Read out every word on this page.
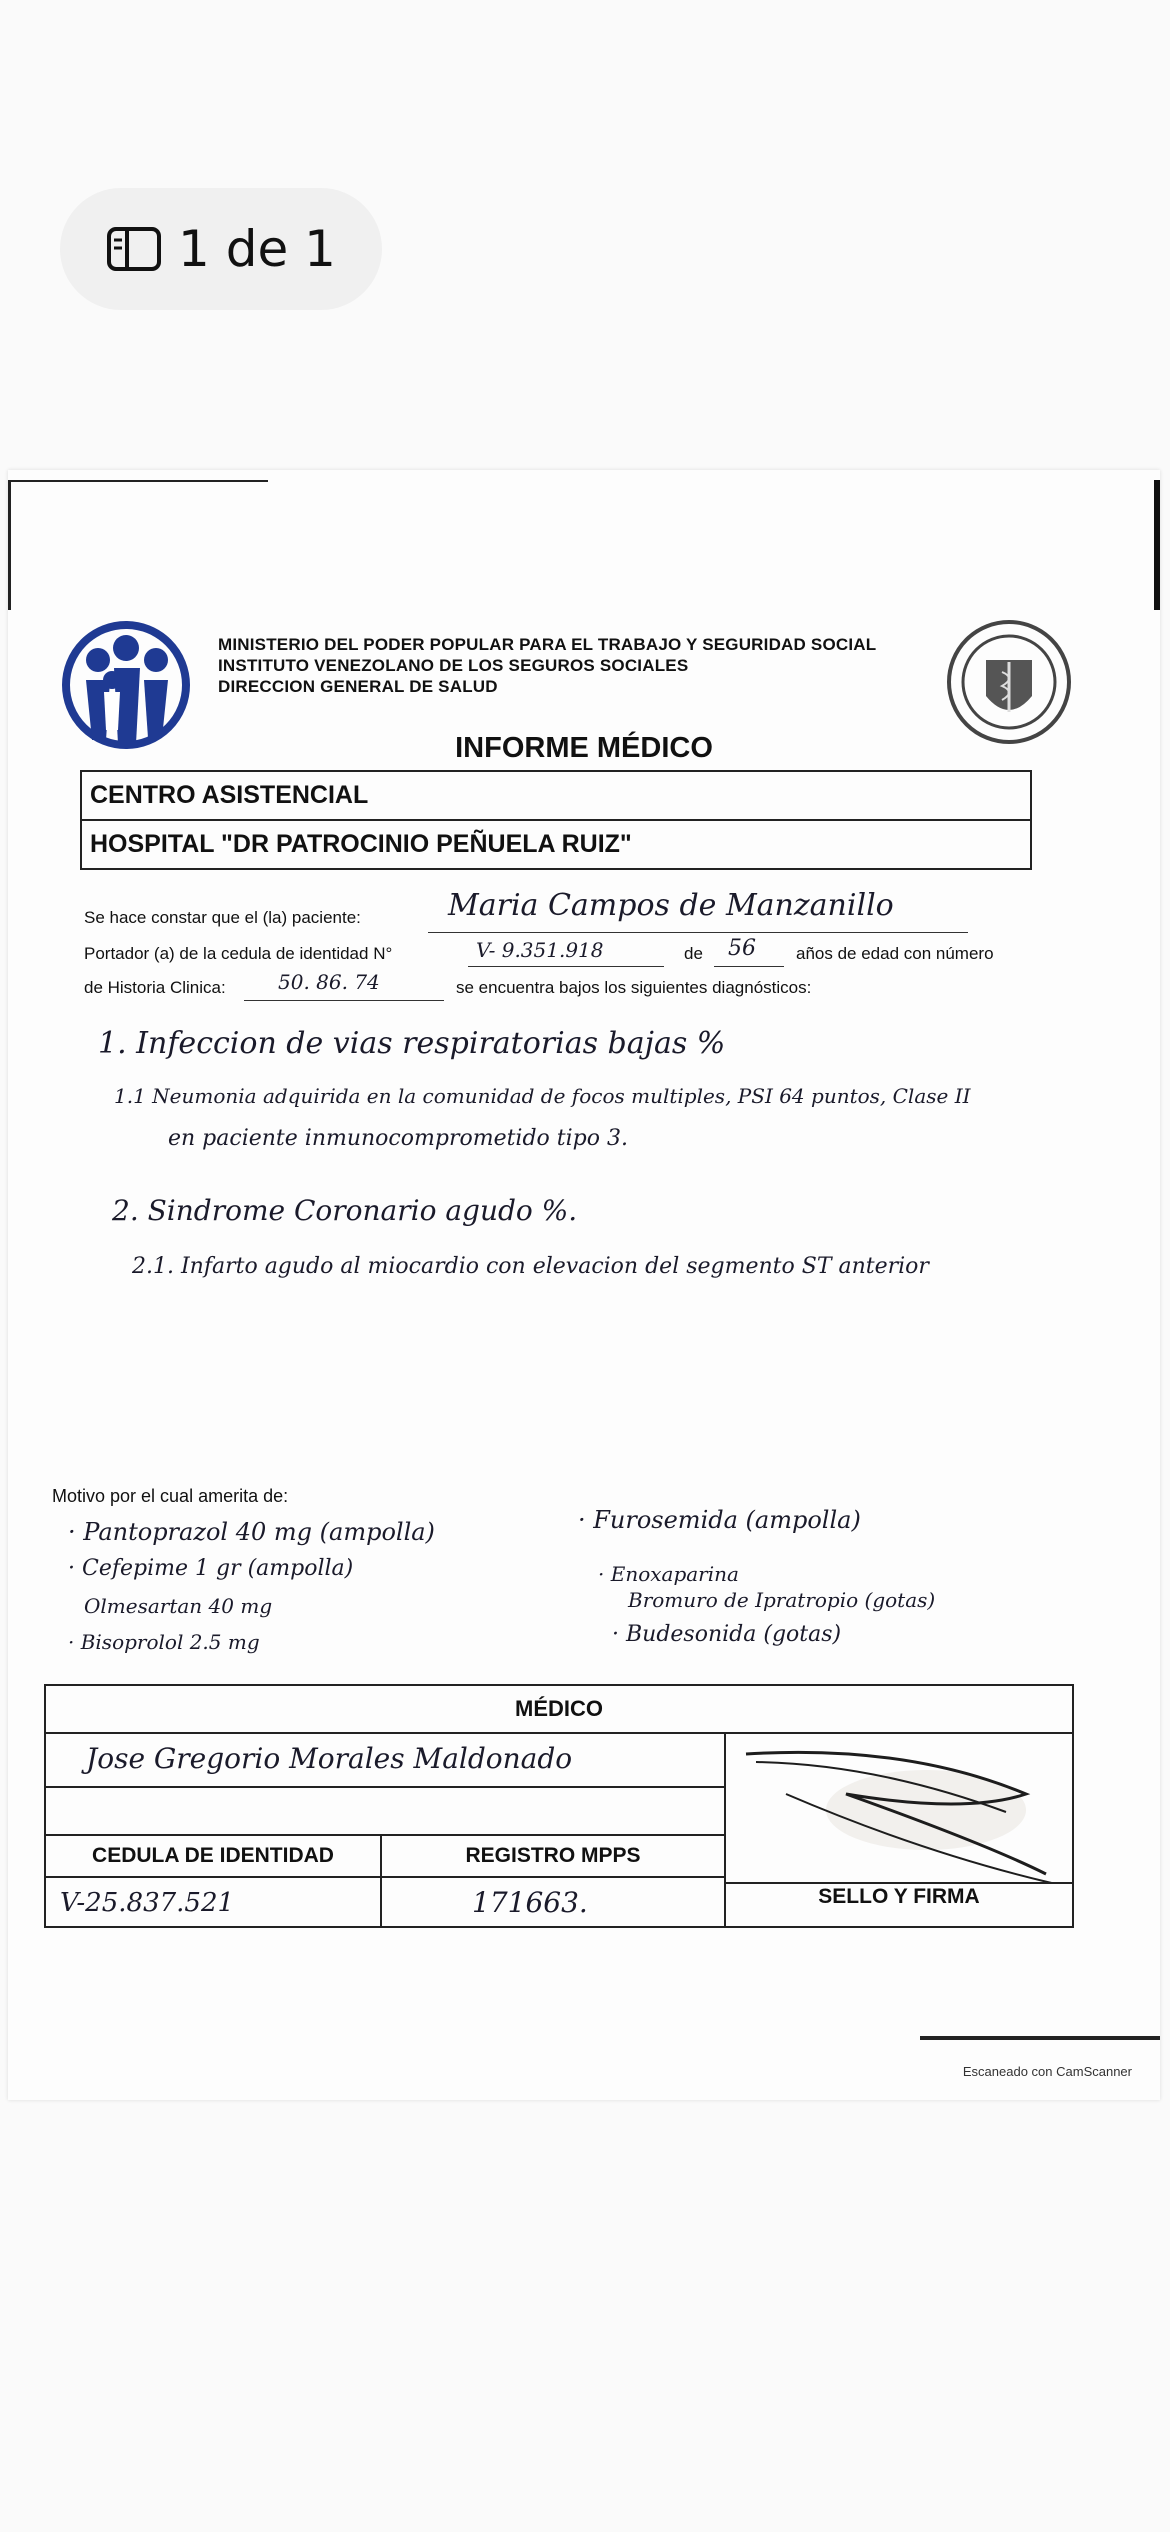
1 de 1
MINISTERIO DEL PODER POPULAR PARA EL TRABAJO Y SEGURIDAD SOCIAL
INSTITUTO VENEZOLANO DE LOS SEGUROS SOCIALES
DIRECCION GENERAL DE SALUD
INFORME MÉDICO
CENTRO ASISTENCIAL
HOSPITAL "DR PATROCINIO PEÑUELA RUIZ"
Se hace constar que el (la) paciente:	Maria Campos de Manzanillo
Portador (a) de la cedula de identidad N°	V- 9.351.918	de 56 años de edad con número
de Historia Clinica:	50. 86. 74	se encuentra bajos los siguientes diagnósticos:
1. Infeccion de vias respiratorias bajas %
1.1 Neumonia adquirida en la comunidad de focos multiples, PSI 64 puntos, Clase II
en paciente inmunocomprometido tipo 3.
2. Sindrome Coronario agudo %.
2.1. Infarto agudo al miocardio con elevacion del segmento ST anterior
Motivo por el cual amerita de:
· Pantoprazol 40 mg (ampolla)
· Cefepime 1 gr (ampolla)
Olmesartan 40 mg
· Bisoprolol 2.5 mg
· Furosemida (ampolla)
· Enoxaparina
Bromuro de Ipratropio (gotas)
· Budesonida (gotas)
MÉDICO
Jose Gregorio Morales Maldonado
CEDULA DE IDENTIDAD	REGISTRO MPPS
V-25.837.521	171663.	SELLO Y FIRMA
Escaneado con CamScanner
